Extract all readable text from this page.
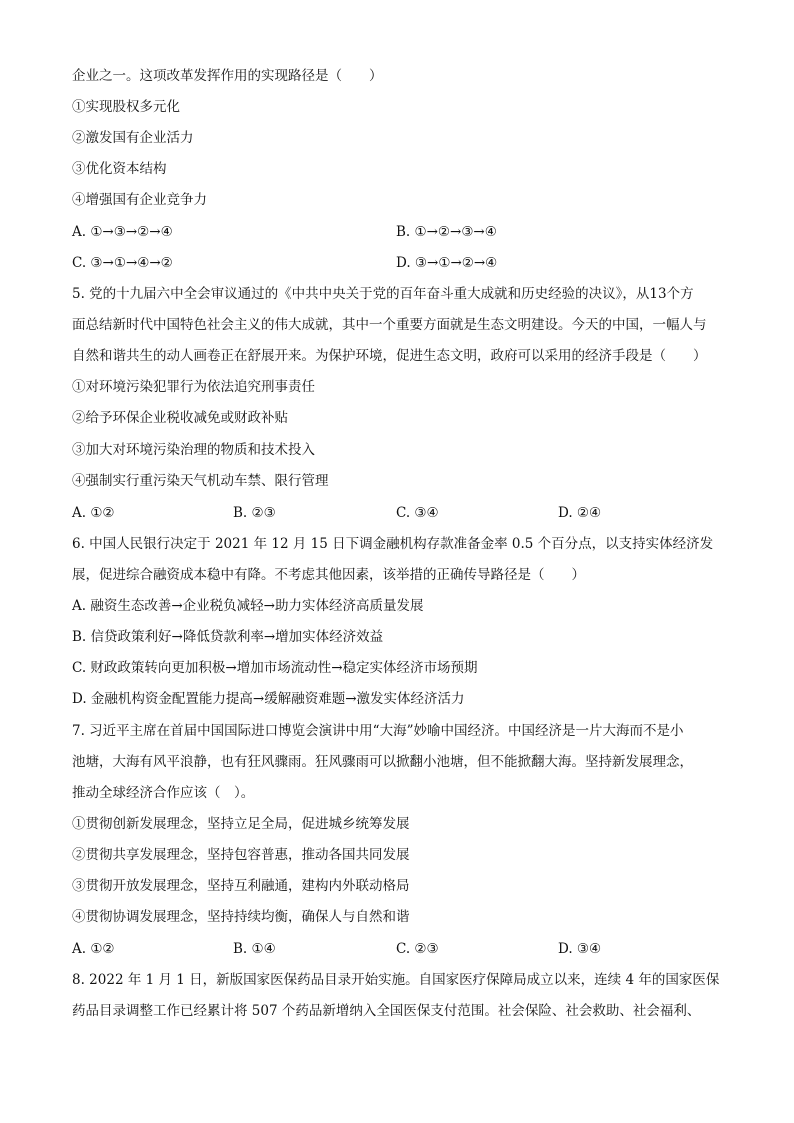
企业之一。这项改革发挥作用的实现路径是（　　）
①实现股权多元化
②激发国有企业活力
③优化资本结构
④增强国有企业竞争力
A. ①→③→②→④	B. ①→②→③→④
C. ③→①→④→②	D. ③→①→②→④
5. 党的十九届六中全会审议通过的《中共中央关于党的百年奋斗重大成就和历史经验的决议》，从13个方
面总结新时代中国特色社会主义的伟大成就，其中一个重要方面就是生态文明建设。今天的中国，一幅人与
自然和谐共生的动人画卷正在舒展开来。为保护环境，促进生态文明，政府可以采用的经济手段是（　　）
①对环境污染犯罪行为依法追究刑事责任
②给予环保企业税收减免或财政补贴
③加大对环境污染治理的物质和技术投入
④强制实行重污染天气机动车禁、限行管理
A. ①②	B. ②③	C. ③④	D. ②④
6. 中国人民银行决定于 2021 年 12 月 15 日下调金融机构存款准备金率 0.5 个百分点，以支持实体经济发
展，促进综合融资成本稳中有降。不考虑其他因素，该举措的正确传导路径是（　　）
A. 融资生态改善→企业税负减轻→助力实体经济高质量发展
B. 信贷政策利好→降低贷款利率→增加实体经济效益
C. 财政政策转向更加积极→增加市场流动性→稳定实体经济市场预期
D. 金融机构资金配置能力提高→缓解融资难题→激发实体经济活力
7. 习近平主席在首届中国国际进口博览会演讲中用“大海”妙喻中国经济。中国经济是一片大海而不是小
池塘，大海有风平浪静，也有狂风骤雨。狂风骤雨可以掀翻小池塘，但不能掀翻大海。坚持新发展理念，
推动全球经济合作应该（　）。
①贯彻创新发展理念，坚持立足全局，促进城乡统筹发展
②贯彻共享发展理念，坚持包容普惠，推动各国共同发展
③贯彻开放发展理念，坚持互利融通，建构内外联动格局
④贯彻协调发展理念，坚持持续均衡，确保人与自然和谐
A. ①②	B. ①④	C. ②③	D. ③④
8. 2022 年 1 月 1 日，新版国家医保药品目录开始实施。自国家医疗保障局成立以来，连续 4 年的国家医保
药品目录调整工作已经累计将 507 个药品新增纳入全国医保支付范围。社会保险、社会救助、社会福利、
